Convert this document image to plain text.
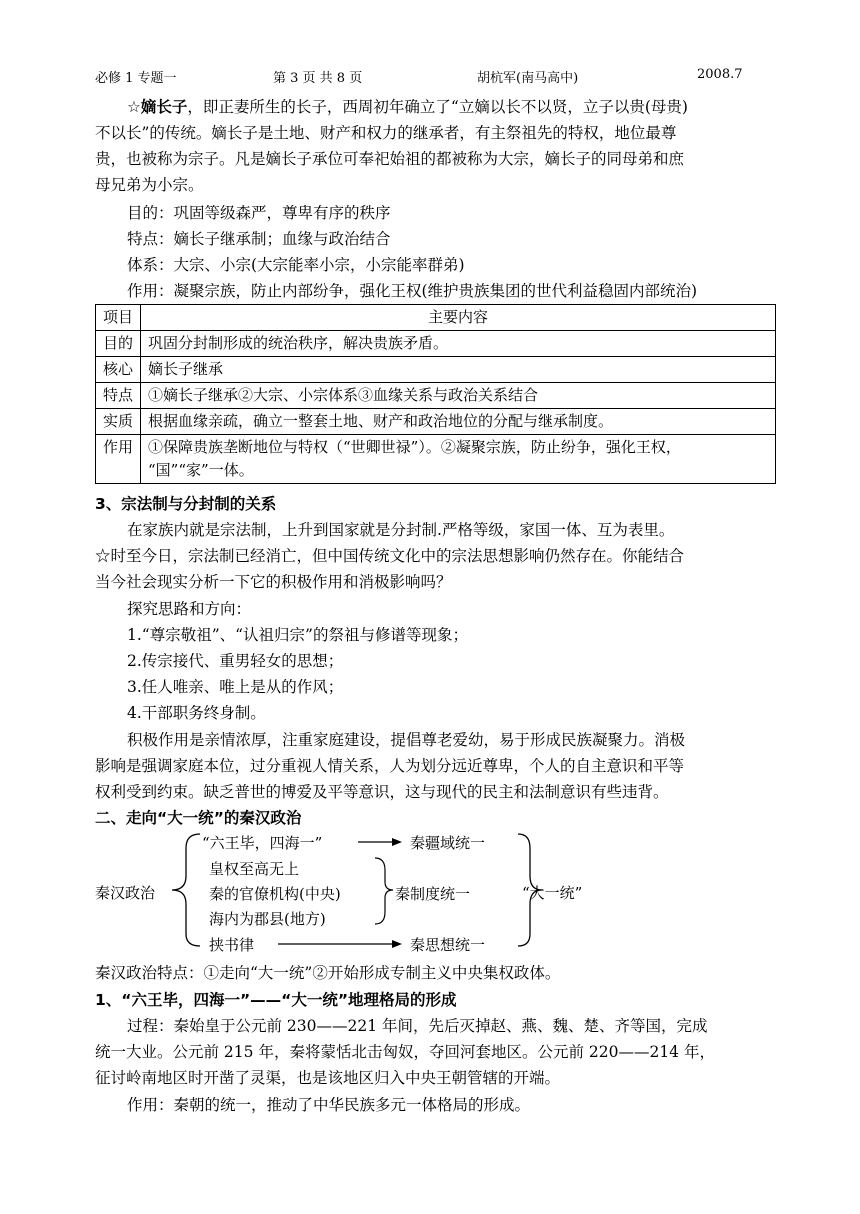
必修 1 专题一	第 3 页 共 8 页	胡杭军(南马高中)	2008.7
☆嫡长子，即正妻所生的长子，西周初年确立了“立嫡以长不以贤，立子以贵(母贵)
不以长”的传统。嫡长子是土地、财产和权力的继承者，有主祭祖先的特权，地位最尊
贵，也被称为宗子。凡是嫡长子承位可奉祀始祖的都被称为大宗，嫡长子的同母弟和庶
母兄弟为小宗。
目的：巩固等级森严，尊卑有序的秩序
特点：嫡长子继承制；血缘与政治结合
体系：大宗、小宗(大宗能率小宗，小宗能率群弟)
作用：凝聚宗族，防止内部纷争，强化王权(维护贵族集团的世代利益稳固内部统治)
项目	主要内容
目的	巩固分封制形成的统治秩序，解决贵族矛盾。
核心	嫡长子继承
特点	①嫡长子继承②大宗、小宗体系③血缘关系与政治关系结合
实质	根据血缘亲疏，确立一整套土地、财产和政治地位的分配与继承制度。
作用	①保障贵族垄断地位与特权（“世卿世禄”）。②凝聚宗族，防止纷争，强化王权，
“国”“家”一体。
3、宗法制与分封制的关系
在家族内就是宗法制，上升到国家就是分封制.严格等级，家国一体、互为表里。
☆时至今日，宗法制已经消亡，但中国传统文化中的宗法思想影响仍然存在。你能结合
当今社会现实分析一下它的积极作用和消极影响吗？
探究思路和方向：
1.“尊宗敬祖”、“认祖归宗”的祭祖与修谱等现象；
2.传宗接代、重男轻女的思想；
3.任人唯亲、唯上是从的作风；
4.干部职务终身制。
积极作用是亲情浓厚，注重家庭建设，提倡尊老爱幼，易于形成民族凝聚力。消极
影响是强调家庭本位，过分重视人情关系，人为划分远近尊卑，个人的自主意识和平等
权利受到约束。缺乏普世的博爱及平等意识，这与现代的民主和法制意识有些违背。
二、走向“大一统”的秦汉政治
秦汉政治
“六王毕，四海一”
皇权至高无上
秦的官僚机构(中央)
海内为郡县(地方)
挟书律
秦疆域统一
秦制度统一
秦思想统一
“大一统”
秦汉政治特点：①走向“大一统”②开始形成专制主义中央集权政体。
1、“六王毕，四海一”——“大一统”地理格局的形成
过程：秦始皇于公元前 230——221 年间，先后灭掉赵、燕、魏、楚、齐等国，完成
统一大业。公元前 215 年，秦将蒙恬北击匈奴，夺回河套地区。公元前 220——214 年，
征讨岭南地区时开凿了灵渠，也是该地区归入中央王朝管辖的开端。
作用：秦朝的统一，推动了中华民族多元一体格局的形成。
